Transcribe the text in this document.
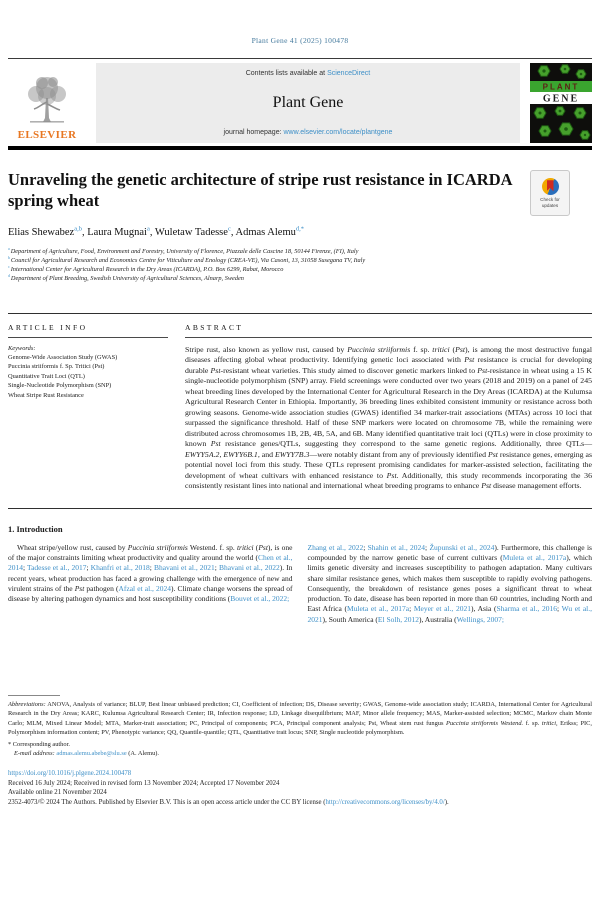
Plant Gene 41 (2025) 100478
ELSEVIER
Contents lists available at ScienceDirect
Plant Gene
journal homepage: www.elsevier.com/locate/plantgene
PLANT
GENE
Unraveling the genetic architecture of stripe rust resistance in ICARDA spring wheat	Check for
updates
Elias Shewabez$^{a,b}$, Laura Mugnai$^a$, Wuletaw Tadesse$^c$, Admas Alemu$^{d,*}$
$^a$ Department of Agriculture, Food, Environment and Forestry, University of Florence, Piazzale delle Cascine 18, 50144 Firenze, (FI), Italy
$^b$ Council for Agricultural Research and Economics Centre for Viticulture and Enology (CREA-VE), Via Casoni, 13, 31058 Susegana TV, Italy
$^c$ International Center for Agricultural Research in the Dry Areas (ICARDA), P.O. Box 6299, Rabat, Morocco
$^d$ Department of Plant Breeding, Swedish University of Agricultural Sciences, Alnarp, Sweden
ARTICLE INFO
Keywords:
Genome-Wide Association Study (GWAS)
Puccinia striiformis f. Sp. Tritici (Pst)
Quantitative Trait Loci (QTL)
Single-Nucleotide Polymorphism (SNP)
Wheat Stripe Rust Resistance
ABSTRACT
Stripe rust, also known as yellow rust, caused by Puccinia striiformis f. sp. tritici (Pst), is among the most destructive fungal diseases affecting global wheat productivity. Identifying genetic loci associated with Pst resistance is crucial for developing durable Pst-resistant wheat varieties. This study aimed to discover genetic markers linked to Pst-resistance in wheat using a 15 K single-nucleotide polymorphism (SNP) array. Field screenings were conducted over two years (2018 and 2019) on a panel of 245 wheat breeding lines developed by the International Center for Agricultural Research in the Dry Areas (ICARDA) at the Kulumsa Agricultural Research Center in Ethiopia. Importantly, 36 breeding lines exhibited consistent immunity or resistance across both growing seasons. Genome-wide association studies (GWAS) identified 34 marker-trait associations (MTAs) across 10 loci that surpassed the significance threshold. Half of these SNP markers were located on chromosome 7B, while the remaining were distributed across chromosomes 1B, 2B, 4B, 5A, and 6B. Many identified quantitative trait loci (QTLs) were in close proximity to known Pst resistance genes/QTLs, suggesting they correspond to the same genetic regions. Additionally, three QTLs—EWYY5A.2, EWYY6B.1, and EWYY7B.3—were notably distant from any of previously identified Pst resistance genes, emerging as potential novel loci from this study. These QTLs represent promising candidates for marker-assisted selection, facilitating the development of wheat cultivars with enhanced resistance to Pst. Additionally, this study recommends incorporating the 36 consistently resistant lines into national and international wheat breeding programs to enhance Pst disease management efforts.
1. Introduction
Wheat stripe/yellow rust, caused by Puccinia striiformis Westend. f. sp. tritici (Pst), is one of the major constraints limiting wheat productivity and quality around the world (Chen et al., 2014; Tadesse et al., 2017; Khanfri et al., 2018; Bhavani et al., 2021; Bhavani et al., 2022). In recent years, wheat production has faced a growing challenge with the emergence of new and virulent strains of the Pst pathogen (Afzal et al., 2024). Climate change worsens the spread of disease by altering pathogen dynamics and host susceptibility conditions (Bouvet et al., 2022;
Zhang et al., 2022; Shahin et al., 2024; Župunski et al., 2024). Furthermore, this challenge is compounded by the narrow genetic base of current cultivars (Muleta et al., 2017a), which limits genetic diversity and increases susceptibility to pathogen adaptation. Many cultivars share similar resistance genes, which makes them susceptible to rapidly evolving pathogens. Consequently, the breakdown of resistance genes poses a significant threat to wheat production. To date, disease has been reported in more than 60 countries, including North and East Africa (Muleta et al., 2017a; Meyer et al., 2021), Asia (Sharma et al., 2016; Wu et al., 2021), South America (El Solh, 2012), Australia (Wellings, 2007;
Abbreviations: ANOVA, Analysis of variance; BLUP, Best linear unbiased prediction; CI, Coefficient of infection; DS, Disease severity; GWAS, Genome-wide association study; ICARDA, International Center for Agricultural Research in the Dry Areas; KARC, Kulumsa Agricultural Research Center; IR, Infection response; LD, Linkage disequilibrium; MAF, Minor allele frequency; MAS, Marker-assisted selection; MCMC, Markov chain Monte Carlo; MLM, Mixed Linear Model; MTA, Marker-trait association; PC, Principal of components; PCA, Principal component analysis; Pst, Wheat stem rust fungus Puccinia striiformis Westend. f. sp. tritici, Erikss; PIC, Polymorphism information content; PV, Phenotypic variance; QQ, Quantile-quantile; QTL, Quantitative trait locus; SNP, Single nucleotide polymorphism.
* Corresponding author.
E-mail address: admas.alemu.abebe@slu.se (A. Alemu).
https://doi.org/10.1016/j.plgene.2024.100478
Received 16 July 2024; Received in revised form 13 November 2024; Accepted 17 November 2024
Available online 21 November 2024
2352-4073/© 2024 The Authors. Published by Elsevier B.V. This is an open access article under the CC BY license (http://creativecommons.org/licenses/by/4.0/).
